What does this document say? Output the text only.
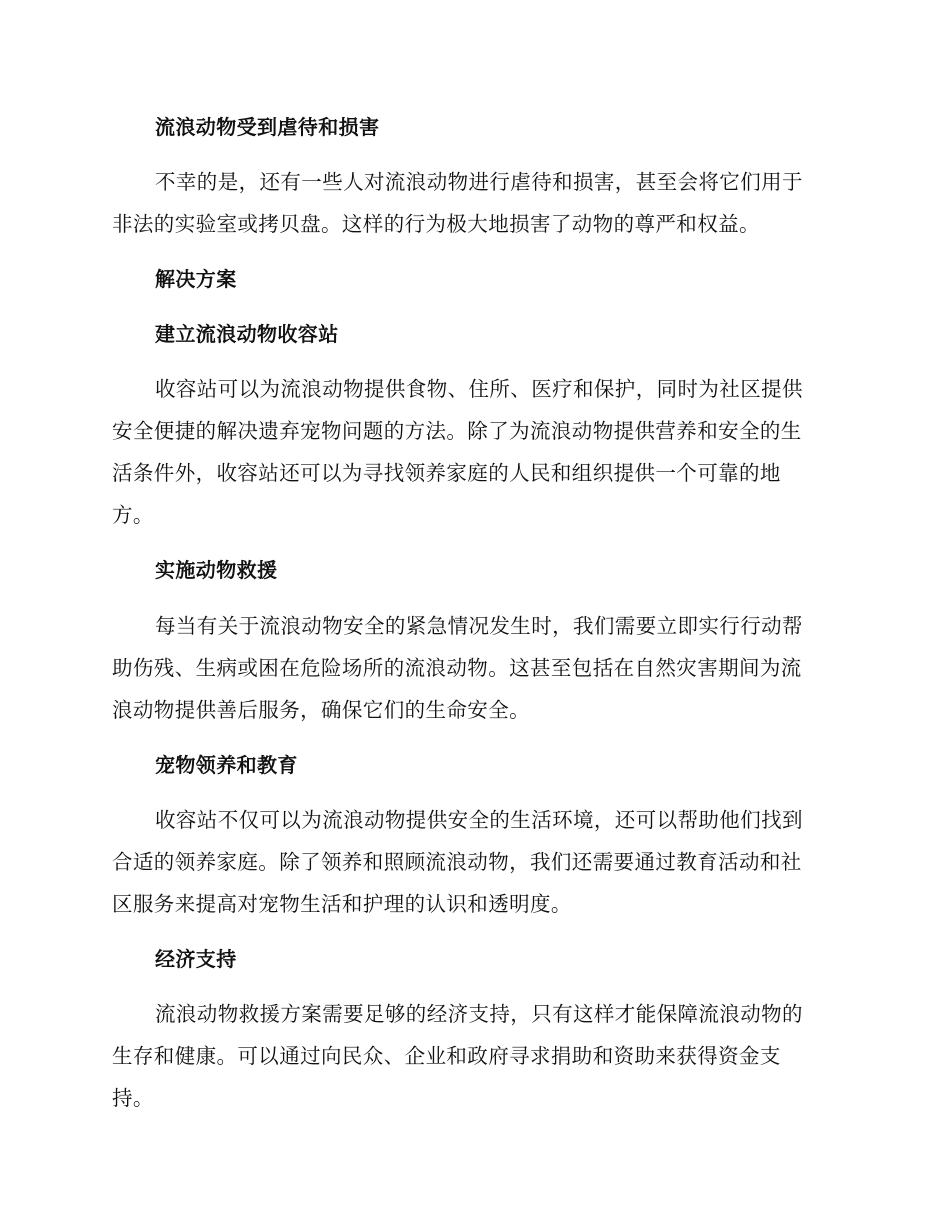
流浪动物受到虐待和损害
不幸的是，还有一些人对流浪动物进行虐待和损害，甚至会将它们用于
非法的实验室或拷贝盘。这样的行为极大地损害了动物的尊严和权益。
解决方案
建立流浪动物收容站
收容站可以为流浪动物提供食物、住所、医疗和保护，同时为社区提供
安全便捷的解决遗弃宠物问题的方法。除了为流浪动物提供营养和安全的生
活条件外，收容站还可以为寻找领养家庭的人民和组织提供一个可靠的地
方。
实施动物救援
每当有关于流浪动物安全的紧急情况发生时，我们需要立即实行行动帮
助伤残、生病或困在危险场所的流浪动物。这甚至包括在自然灾害期间为流
浪动物提供善后服务，确保它们的生命安全。
宠物领养和教育
收容站不仅可以为流浪动物提供安全的生活环境，还可以帮助他们找到
合适的领养家庭。除了领养和照顾流浪动物，我们还需要通过教育活动和社
区服务来提高对宠物生活和护理的认识和透明度。
经济支持
流浪动物救援方案需要足够的经济支持，只有这样才能保障流浪动物的
生存和健康。可以通过向民众、企业和政府寻求捐助和资助来获得资金支
持。
